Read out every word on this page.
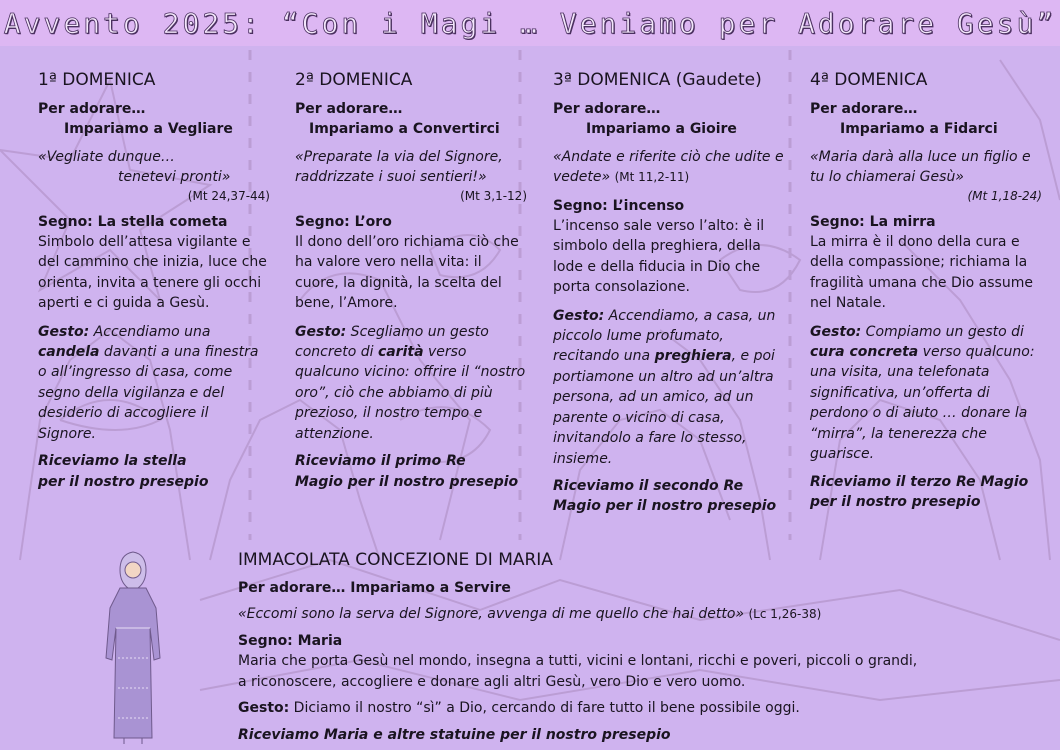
Avvento 2025: “Con i Magi … Veniamo per Adorare Gesù”

1ª DOMENICA

Per adorare…

Impariamo a Vegliare

«Vegliate dunque…
tenetevi pronti»

(Mt 24,37-44)

Segno: La stella cometa

Simbolo dell’attesa vigilante e del cammino che inizia, luce che orienta, invita a tenere gli occhi aperti e ci guida a Gesù.

Gesto: Accendiamo una candela davanti a una finestra o all’ingresso di casa, come segno della vigilanza e del desiderio di accogliere il Signore.

Riceviamo la stella
per il nostro presepio

2ª DOMENICA

Per adorare…

Impariamo a Convertirci

«Preparate la via del Signore, raddrizzate i suoi sentieri!»

(Mt 3,1-12)

Segno: L’oro

Il dono dell’oro richiama ciò che ha valore vero nella vita: il cuore, la dignità, la scelta del bene, l’Amore.

Gesto: Scegliamo un gesto concreto di carità verso qualcuno vicino: offrire il “nostro oro”, ciò che abbiamo di più prezioso, il nostro tempo e attenzione.

Riceviamo il primo Re
Magio per il nostro presepio

3ª DOMENICA (Gaudete)

Per adorare…

Impariamo a Gioire

«Andate e riferite ciò che udite e vedete» (Mt 11,2-11)

Segno: L’incenso

L’incenso sale verso l’alto: è il simbolo della preghiera, della lode e della fiducia in Dio che porta consolazione.

Gesto: Accendiamo, a casa, un piccolo lume profumato, recitando una preghiera, e poi portiamone un altro ad un’altra persona, ad un amico, ad un parente o vicino di casa, invitandolo a fare lo stesso, insieme.

Riceviamo il secondo Re
Magio per il nostro presepio

4ª DOMENICA

Per adorare…

Impariamo a Fidarci

«Maria darà alla luce un figlio e tu lo chiamerai Gesù»

(Mt 1,18-24)

Segno: La mirra

La mirra è il dono della cura e della compassione; richiama la fragilità umana che Dio assume nel Natale.

Gesto: Compiamo un gesto di cura concreta verso qualcuno: una visita, una telefonata significativa, un’offerta di perdono o di aiuto … donare la “mirra”, la tenerezza che guarisce.

Riceviamo il terzo Re Magio
per il nostro presepio

IMMACOLATA CONCEZIONE DI MARIA

Per adorare… Impariamo a Servire

«Eccomi sono la serva del Signore, avvenga di me quello che hai detto» (Lc 1,26-38)

Segno: Maria

Maria che porta Gesù nel mondo, insegna a tutti, vicini e lontani, ricchi e poveri, piccoli o grandi,
a riconoscere, accogliere e donare agli altri Gesù, vero Dio e vero uomo.

Gesto: Diciamo il nostro “sì” a Dio, cercando di fare tutto il bene possibile oggi.

Riceviamo Maria e altre statuine per il nostro presepio
